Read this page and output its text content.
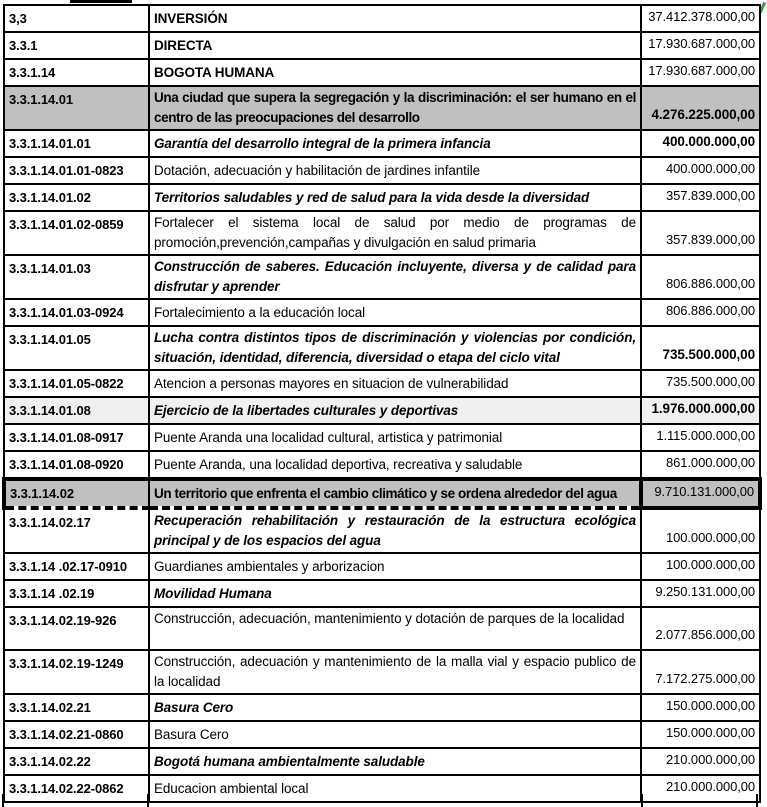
3,3	INVERSIÓN	37.412.378.000,00
3.3.1	DIRECTA	17.930.687.000,00
3.3.1.14	BOGOTA HUMANA	17.930.687.000,00
3.3.1.14.01	Una ciudad que supera la segregación y la discriminación: el ser humano en el centro de las preocupaciones del desarrollo	4.276.225.000,00
3.3.1.14.01.01	Garantía del desarrollo integral de la primera infancia	400.000.000,00
3.3.1.14.01.01-0823	Dotación, adecuación y habilitación de jardines infantile	400.000.000,00
3.3.1.14.01.02	Territorios saludables y red de salud para la vida desde la diversidad	357.839.000,00
3.3.1.14.01.02-0859	Fortalecer el sistema local de salud por medio de programas de promoción,prevención,campañas y divulgación en salud primaria	357.839.000,00
3.3.1.14.01.03	Construcción de saberes. Educación incluyente, diversa y de calidad para disfrutar y aprender	806.886.000,00
3.3.1.14.01.03-0924	Fortalecimiento a la educación local	806.886.000,00
3.3.1.14.01.05	Lucha contra distintos tipos de discriminación y violencias por condición, situación, identidad, diferencia, diversidad o etapa del ciclo vital	735.500.000,00
3.3.1.14.01.05-0822	Atencion a personas mayores en situacion de vulnerabilidad	735.500.000,00
3.3.1.14.01.08	Ejercicio de la libertades culturales y deportivas	1.976.000.000,00
3.3.1.14.01.08-0917	Puente Aranda una localidad cultural, artistica y patrimonial	1.115.000.000,00
3.3.1.14.01.08-0920	Puente Aranda, una localidad deportiva, recreativa y saludable	861.000.000,00
3.3.1.14.02	Un territorio que enfrenta el cambio climático y se ordena alrededor del agua	9.710.131.000,00
3.3.1.14.02.17	Recuperación rehabilitación y restauración de la estructura ecológica principal y de los espacios del agua	100.000.000,00
3.3.1.14 .02.17-0910	Guardianes ambientales y arborizacion	100.000.000,00
3.3.1.14 .02.19	Movilidad Humana	9.250.131.000,00
3.3.1.14.02.19-926	Construcción, adecuación, mantenimiento y dotación de parques de la localidad	2.077.856.000,00
3.3.1.14.02.19-1249	Construcción, adecuación y mantenimiento de la malla vial y espacio publico de la localidad	7.172.275.000,00
3.3.1.14.02.21	Basura Cero	150.000.000,00
3.3.1.14.02.21-0860	Basura Cero	150.000.000,00
3.3.1.14.02.22	Bogotá humana ambientalmente saludable	210.000.000,00
3.3.1.14.02.22-0862	Educacion ambiental local	210.000.000,00
